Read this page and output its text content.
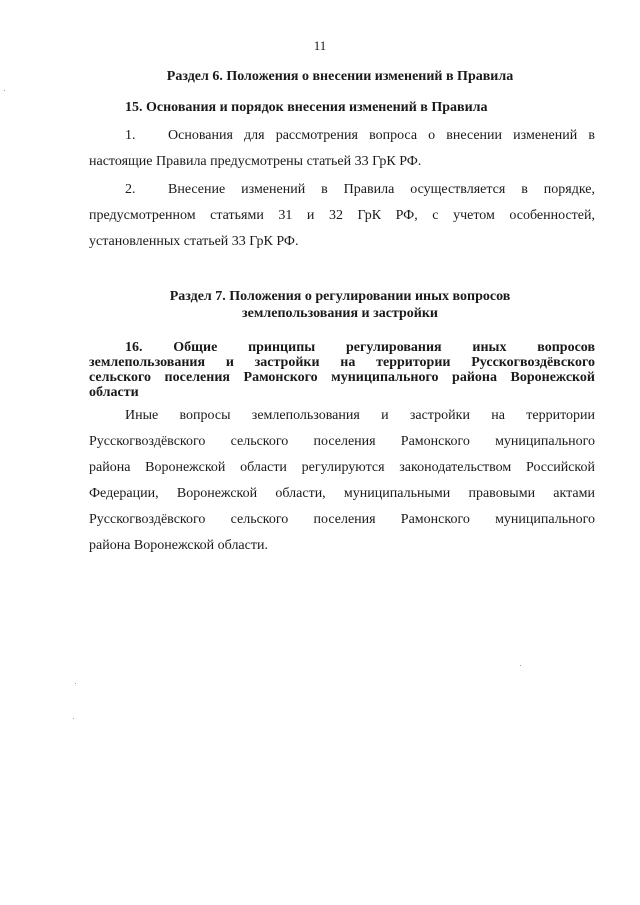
11
Раздел 6. Положения о внесении изменений в Правила
15. Основания и порядок внесения изменений в Правила
1. Основания для рассмотрения вопроса о внесении изменений в
настоящие Правила предусмотрены статьей 33 ГрК РФ.
2. Внесение изменений в Правила осуществляется в порядке,
предусмотренном статьями 31 и 32 ГрК РФ, с учетом особенностей,
установленных статьей 33 ГрК РФ.
Раздел 7. Положения о регулировании иных вопросов
землепользования и застройки
16. Общие принципы регулирования иных вопросов
землепользования и застройки на территории Русскогвоздёвского
сельского поселения Рамонского муниципального района Воронежской
области
Иные вопросы землепользования и застройки на территории
Русскогвоздёвского сельского поселения Рамонского муниципального
района Воронежской области регулируются законодательством Российской
Федерации, Воронежской области, муниципальными правовыми актами
Русскогвоздёвского сельского поселения Рамонского муниципального
района Воронежской области.
